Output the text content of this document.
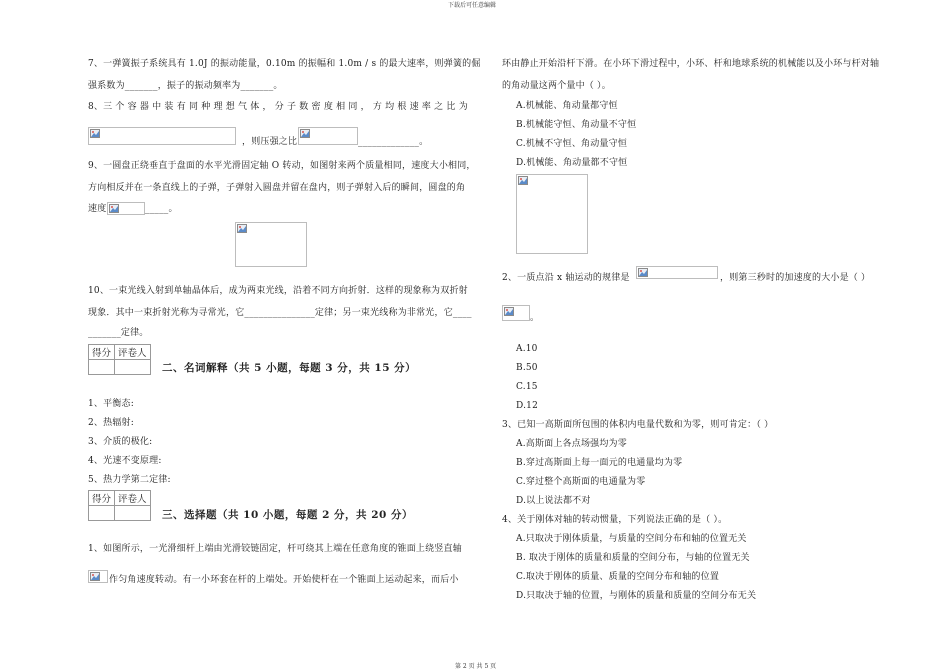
下载后可任意编辑
第 2 页 共 5 页
7、一弹簧振子系统具有 1.0J 的振动能量，0.10m 的振幅和 1.0m / s 的最大速率，则弹簧的倔
强系数为_______，振子的振动频率为_______。
8、三 个 容 器 中 装 有 同 种 理 想 气 体 ， 分 子 数 密 度 相 同 ， 方 均 根 速 率 之 比 为
，则压强之比	_____________。
9、一圆盘正绕垂直于盘面的水平光滑固定轴 O 转动，如图射来两个质量相同，速度大小相同，
方向相反并在一条直线上的子弹，子弹射入圆盘并留在盘内，则子弹射入后的瞬间，圆盘的角
速度	_____。
10、一束光线入射到单轴晶体后，成为两束光线，沿着不同方向折射．这样的现象称为双折射
现象．其中一束折射光称为寻常光，它_______________定律；另一束光线称为非常光，它____
_______定律。
得分	评卷人

二、名词解释（共 5 小题，每题 3 分，共 15 分）
1、平衡态:
2、热辐射:
3、介质的极化:
4、光速不变原理:
5、热力学第二定律:
得分	评卷人

三、选择题（共 10 小题，每题 2 分，共 20 分）
1、如图所示，一光滑细杆上端由光滑铰链固定，杆可绕其上端在任意角度的锥面上绕竖直轴
作匀角速度转动。有一小环套在杆的上端处。开始使杆在一个锥面上运动起来，而后小
环由静止开始沿杆下滑。在小环下滑过程中，小环、杆和地球系统的机械能以及小环与杆对轴
的角动量这两个量中（ ）。
A.机械能、角动量都守恒
B.机械能守恒、角动量不守恒
C.机械不守恒、角动量守恒
D.机械能、角动量都不守恒
2、一质点沿 x 轴运动的规律是	，则第三秒时的加速度的大小是（ ）
。
A.10
B.50
C.15
D.12
3、已知一高斯面所包围的体积内电量代数和为零，则可肯定：（ ）
A.高斯面上各点场强均为零
B.穿过高斯面上每一面元的电通量均为零
C.穿过整个高斯面的电通量为零
D.以上说法都不对
4、关于刚体对轴的转动惯量，下列说法正确的是（ ）。
A.只取决于刚体质量，与质量的空间分布和轴的位置无关
B. 取决于刚体的质量和质量的空间分布，与轴的位置无关
C.取决于刚体的质量、质量的空间分布和轴的位置
D.只取决于轴的位置，与刚体的质量和质量的空间分布无关
